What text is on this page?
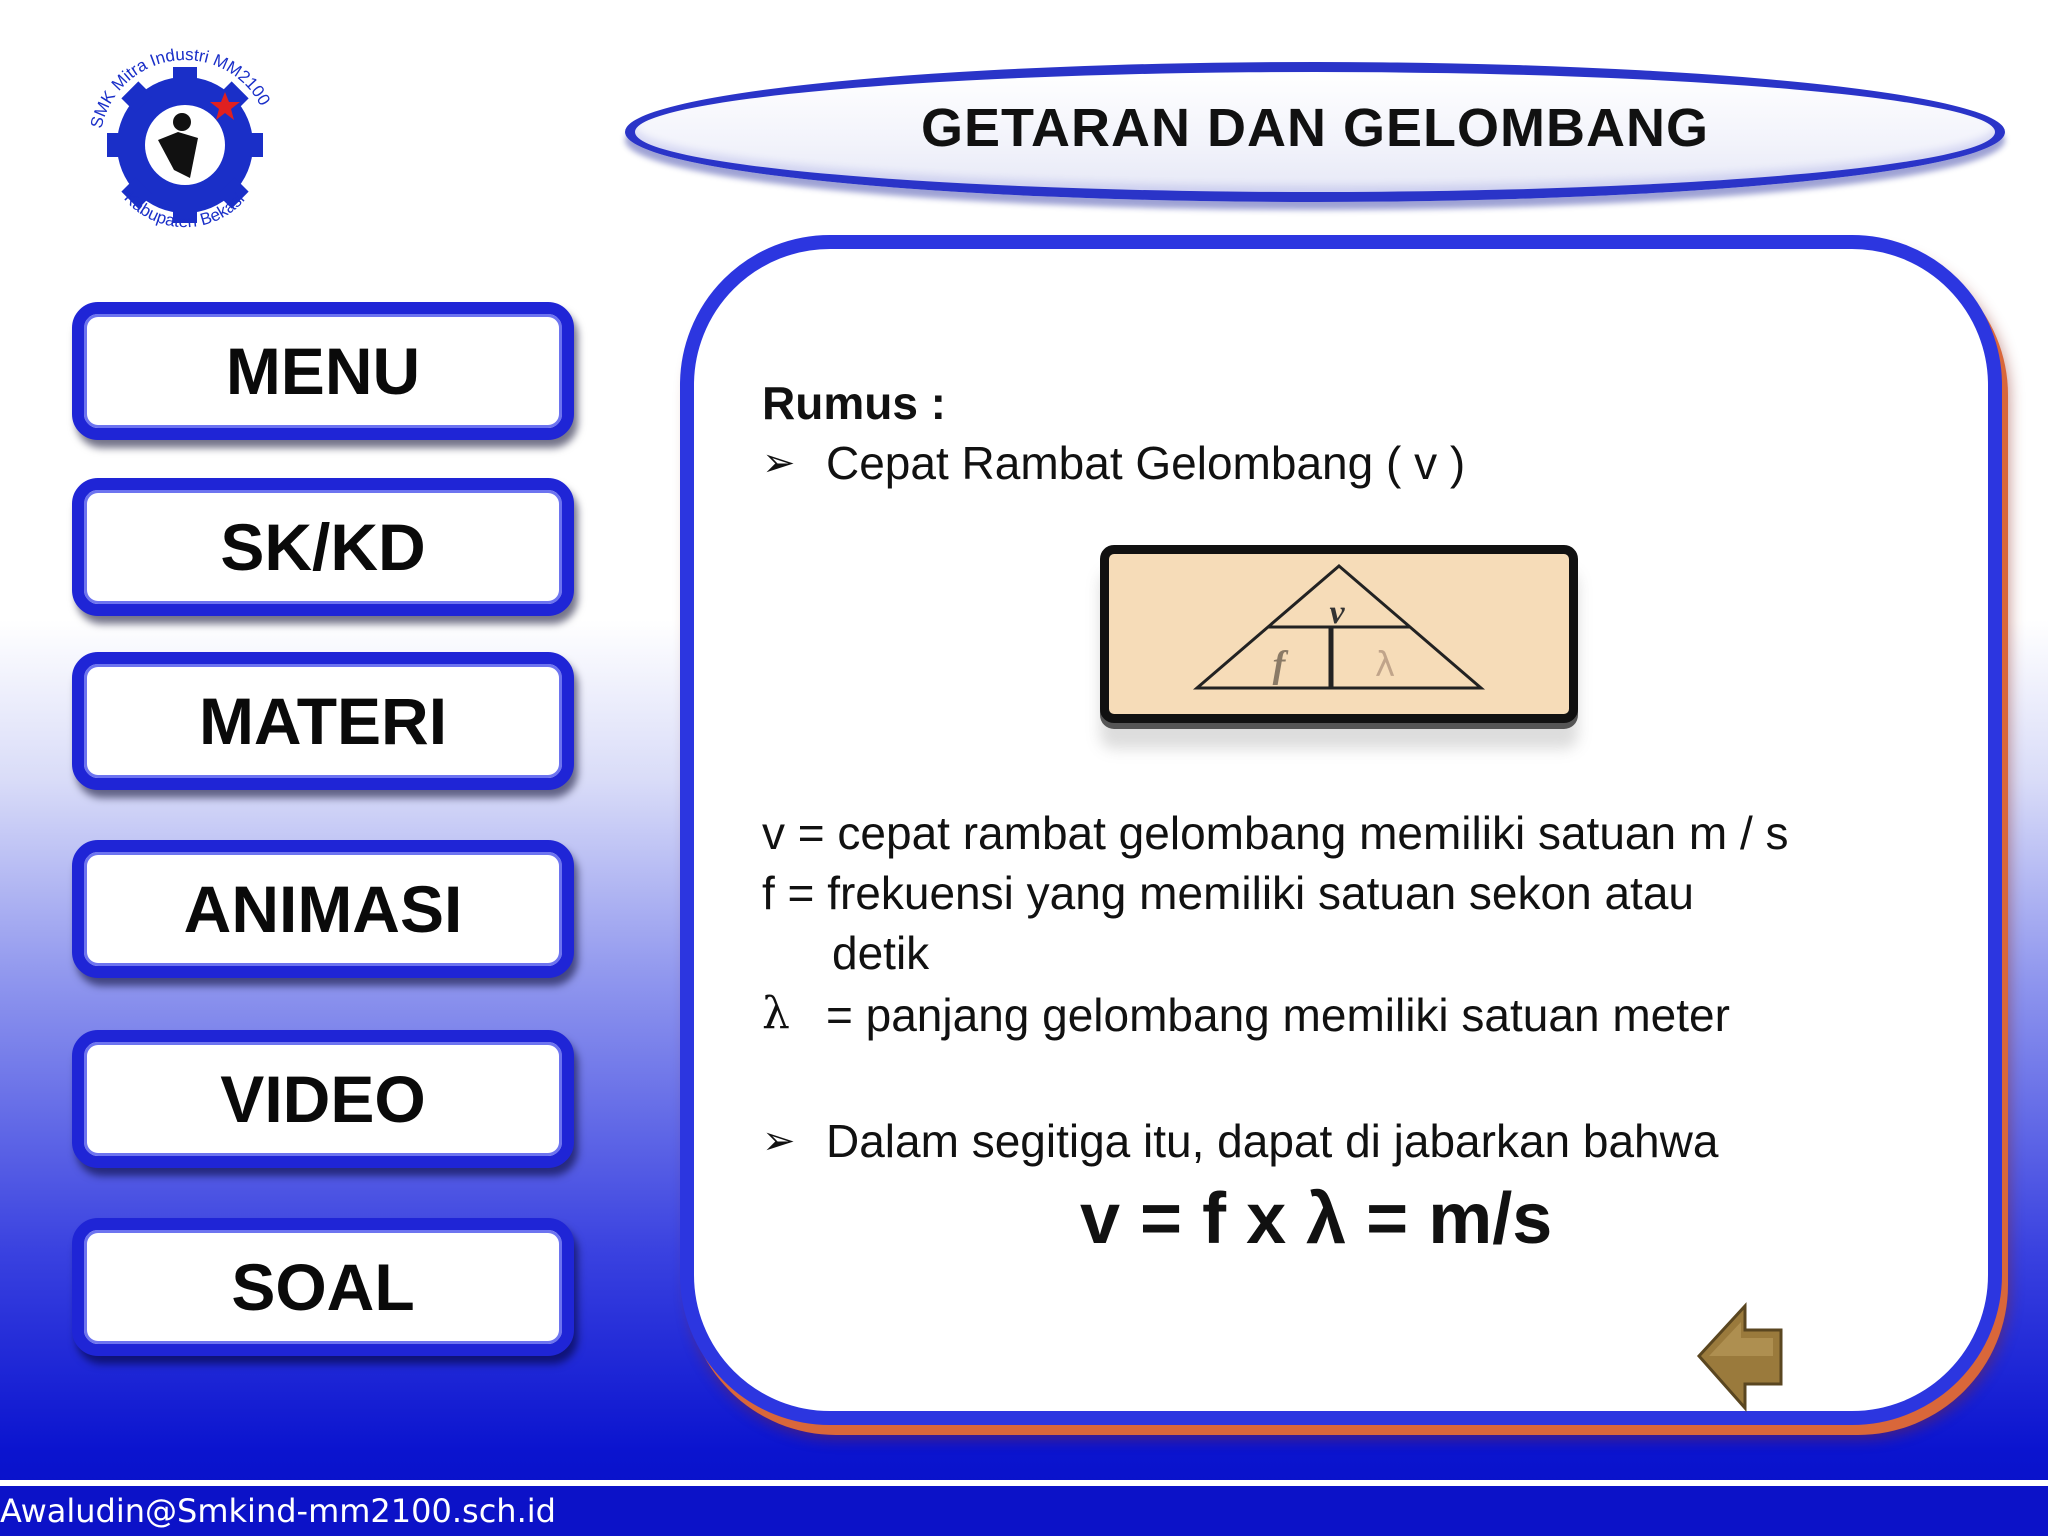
SMK Mitra Industri MM2100
Kabupaten Bekasi
GETARAN DAN GELOMBANG
MENU
SK/KD
MATERI
ANIMASI
VIDEO
SOAL
Rumus :
➢ Cepat Rambat Gelombang ( v )
v
f	λ
v = cepat rambat gelombang memiliki satuan m / s
f = frekuensi yang memiliki satuan sekon atau
detik
λ = panjang gelombang memiliki satuan meter
➢ Dalam segitiga itu, dapat di jabarkan bahwa
v = f x λ = m/s
Awaludin@Smkind-mm2100.sch.id
